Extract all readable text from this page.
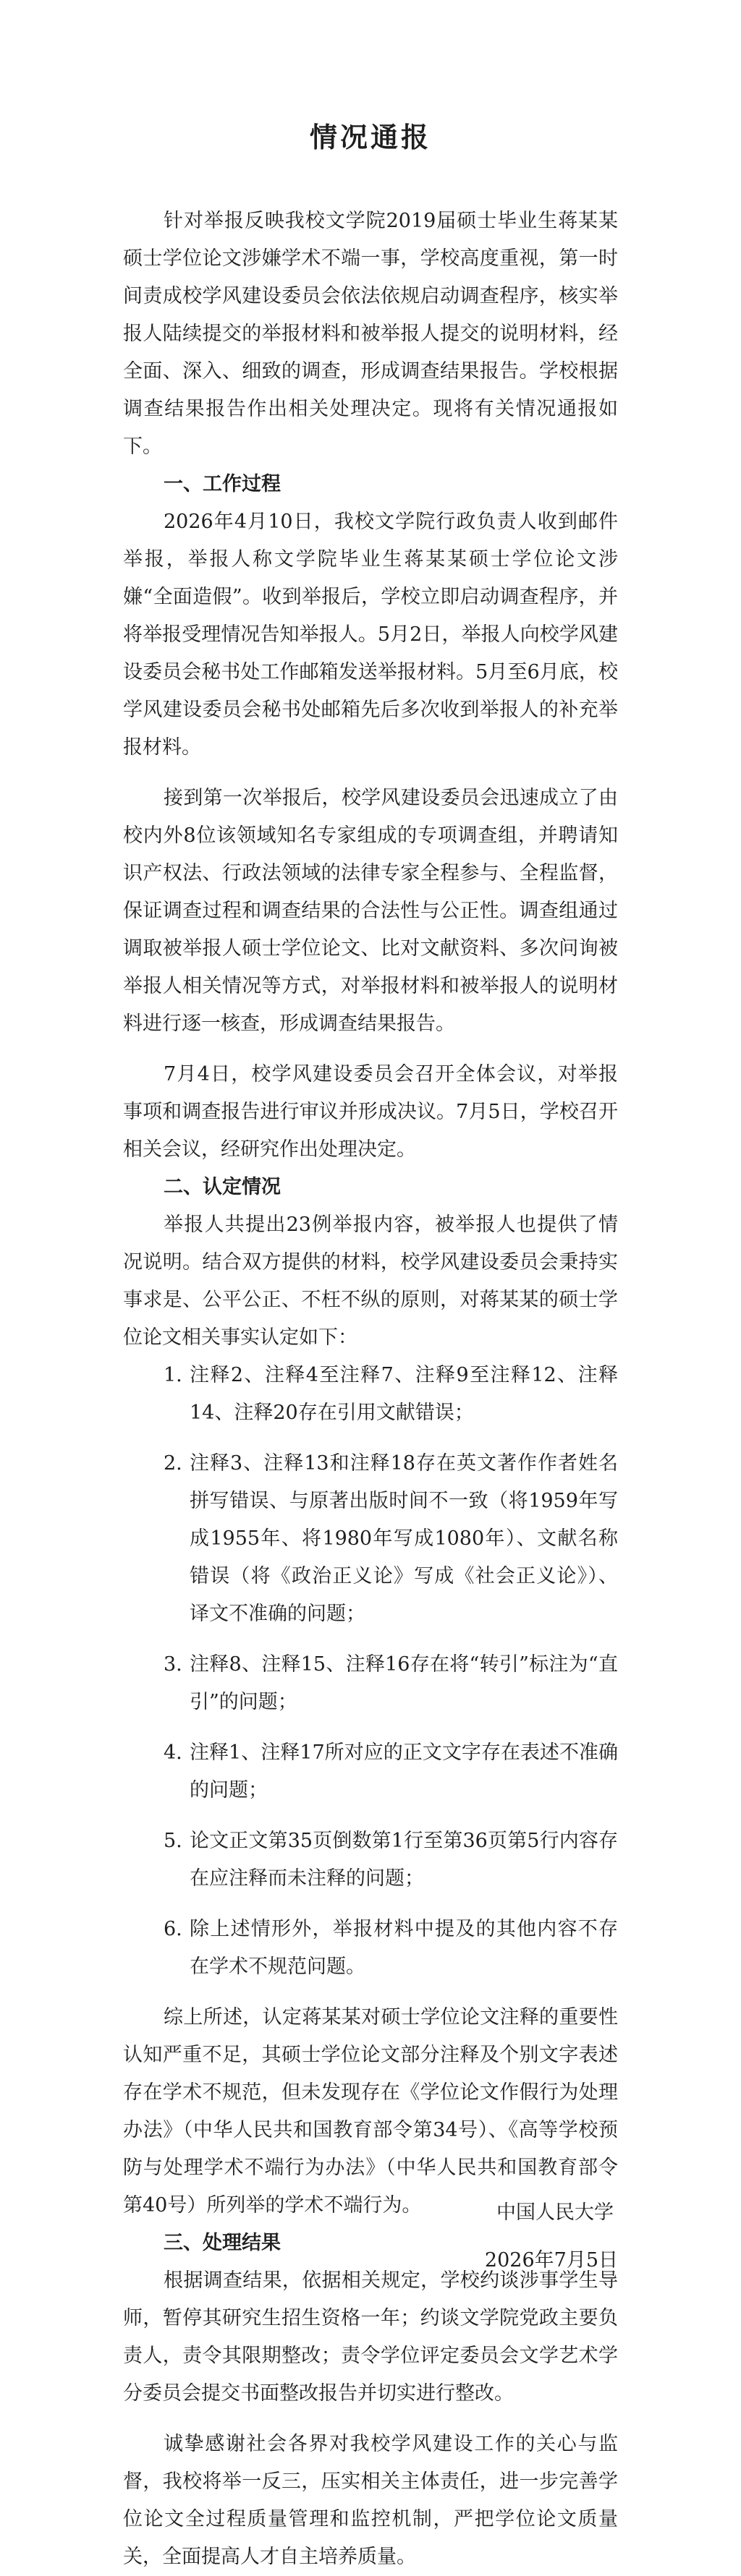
情况通报

针对举报反映我校文学院2019届硕士毕业生蒋某某硕士学位论文涉嫌学术不端一事，学校高度重视，第一时间责成校学风建设委员会依法依规启动调查程序，核实举报人陆续提交的举报材料和被举报人提交的说明材料，经全面、深入、细致的调查，形成调查结果报告。学校根据调查结果报告作出相关处理决定。现将有关情况通报如下。

一、工作过程

2026年4月10日，我校文学院行政负责人收到邮件举报，举报人称文学院毕业生蒋某某硕士学位论文涉嫌“全面造假”。收到举报后，学校立即启动调查程序，并将举报受理情况告知举报人。5月2日，举报人向校学风建设委员会秘书处工作邮箱发送举报材料。5月至6月底，校学风建设委员会秘书处邮箱先后多次收到举报人的补充举报材料。

接到第一次举报后，校学风建设委员会迅速成立了由校内外8位该领域知名专家组成的专项调查组，并聘请知识产权法、行政法领域的法律专家全程参与、全程监督，保证调查过程和调查结果的合法性与公正性。调查组通过调取被举报人硕士学位论文、比对文献资料、多次问询被举报人相关情况等方式，对举报材料和被举报人的说明材料进行逐一核查，形成调查结果报告。

7月4日，校学风建设委员会召开全体会议，对举报事项和调查报告进行审议并形成决议。7月5日，学校召开相关会议，经研究作出处理决定。

二、认定情况

举报人共提出23例举报内容，被举报人也提供了情况说明。结合双方提供的材料，校学风建设委员会秉持实事求是、公平公正、不枉不纵的原则，对蒋某某的硕士学位论文相关事实认定如下：

1. 注释2、注释4至注释7、注释9至注释12、注释14、注释20存在引用文献错误；
2. 注释3、注释13和注释18存在英文著作作者姓名拼写错误、与原著出版时间不一致（将1959年写成1955年、将1980年写成1080年）、文献名称错误（将《政治正义论》写成《社会正义论》）、译文不准确的问题；
3. 注释8、注释15、注释16存在将“转引”标注为“直引”的问题；
4. 注释1、注释17所对应的正文文字存在表述不准确的问题；
5. 论文正文第35页倒数第1行至第36页第5行内容存在应注释而未注释的问题；
6. 除上述情形外，举报材料中提及的其他内容不存在学术不规范问题。

综上所述，认定蒋某某对硕士学位论文注释的重要性认知严重不足，其硕士学位论文部分注释及个别文字表述存在学术不规范，但未发现存在《学位论文作假行为处理办法》（中华人民共和国教育部令第34号）、《高等学校预防与处理学术不端行为办法》（中华人民共和国教育部令第40号）所列举的学术不端行为。

三、处理结果

根据调查结果，依据相关规定，学校约谈涉事学生导师，暂停其研究生招生资格一年；约谈文学院党政主要负责人，责令其限期整改；责令学位评定委员会文学艺术学分委员会提交书面整改报告并切实进行整改。

诚挚感谢社会各界对我校学风建设工作的关心与监督，我校将举一反三，压实相关主体责任，进一步完善学位论文全过程质量管理和监控机制，严把学位论文质量关，全面提高人才自主培养质量。

中国人民大学
2026年7月5日
